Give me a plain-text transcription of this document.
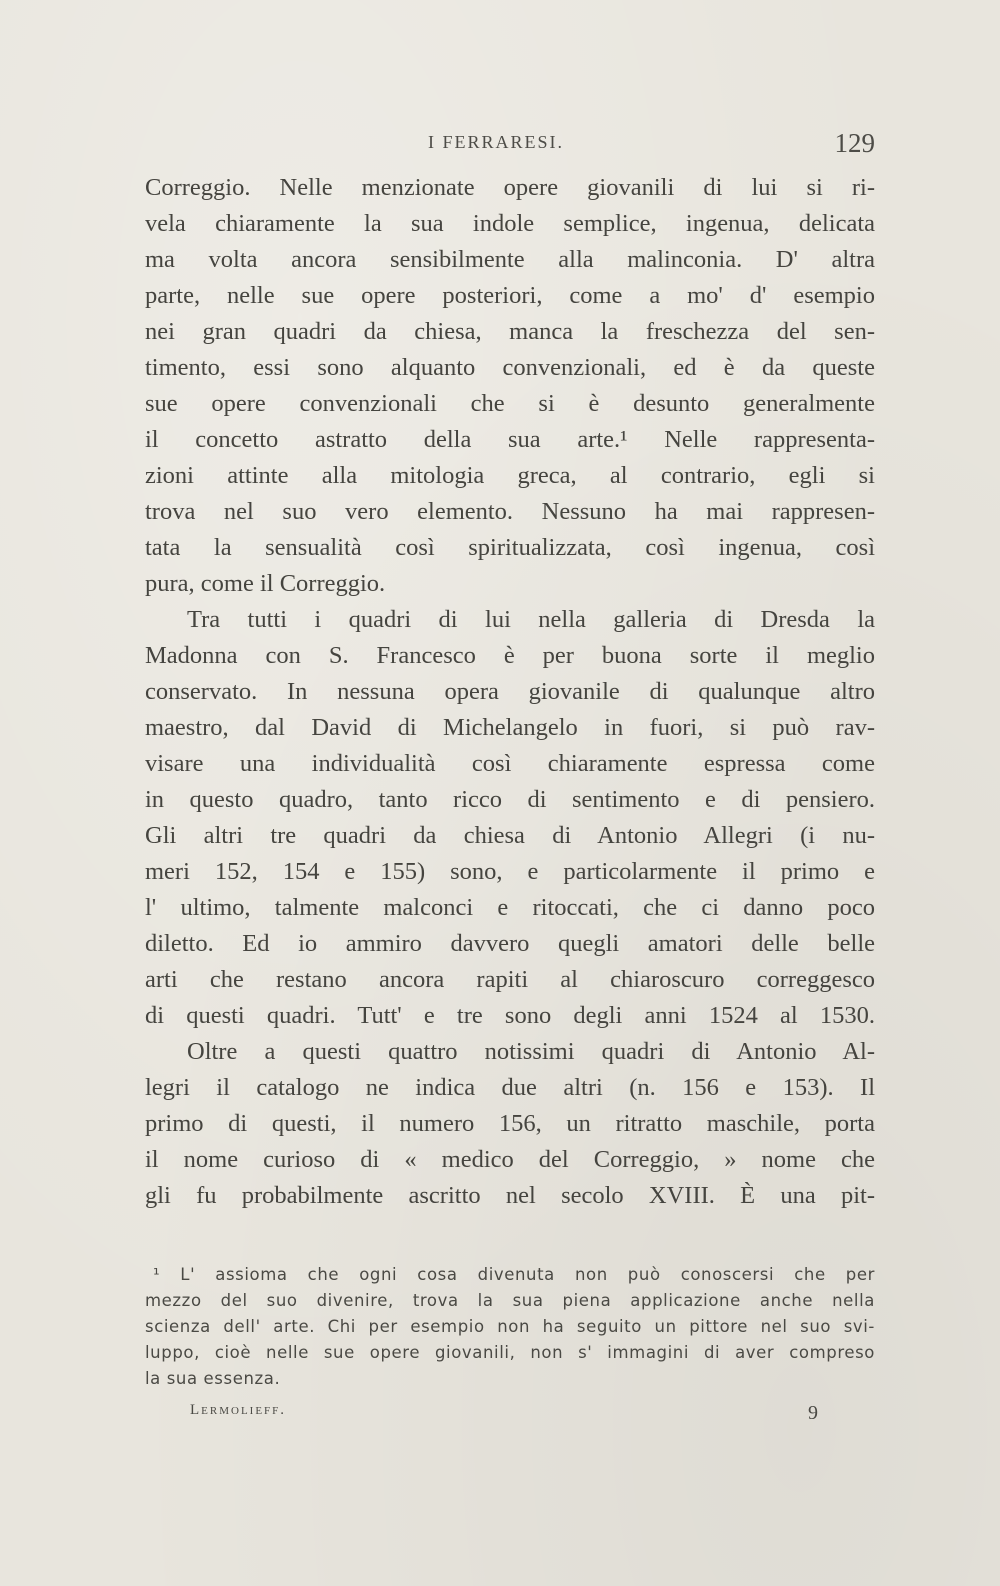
I FERRARESI.	129
Correggio. Nelle menzionate opere giovanili di lui si ri-
vela chiaramente la sua indole semplice, ingenua, delicata
ma volta ancora sensibilmente alla malinconia. D' altra
parte, nelle sue opere posteriori, come a mo' d' esempio
nei gran quadri da chiesa, manca la freschezza del sen-
timento, essi sono alquanto convenzionali, ed è da queste
sue opere convenzionali che si è desunto generalmente
il concetto astratto della sua arte.¹ Nelle rappresenta-
zioni attinte alla mitologia greca, al contrario, egli si
trova nel suo vero elemento. Nessuno ha mai rappresen-
tata la sensualità così spiritualizzata, così ingenua, così
pura, come il Correggio.
Tra tutti i quadri di lui nella galleria di Dresda la
Madonna con S. Francesco è per buona sorte il meglio
conservato. In nessuna opera giovanile di qualunque altro
maestro, dal David di Michelangelo in fuori, si può rav-
visare una individualità così chiaramente espressa come
in questo quadro, tanto ricco di sentimento e di pensiero.
Gli altri tre quadri da chiesa di Antonio Allegri (i nu-
meri 152, 154 e 155) sono, e particolarmente il primo e
l' ultimo, talmente malconci e ritoccati, che ci danno poco
diletto. Ed io ammiro davvero quegli amatori delle belle
arti che restano ancora rapiti al chiaroscuro correggesco
di questi quadri. Tutt' e tre sono degli anni 1524 al 1530.
Oltre a questi quattro notissimi quadri di Antonio Al-
legri il catalogo ne indica due altri (n. 156 e 153). Il
primo di questi, il numero 156, un ritratto maschile, porta
il nome curioso di « medico del Correggio, » nome che
gli fu probabilmente ascritto nel secolo XVIII. È una pit-
¹ L' assioma che ogni cosa divenuta non può conoscersi che per
mezzo del suo divenire, trova la sua piena applicazione anche nella
scienza dell' arte. Chi per esempio non ha seguito un pittore nel suo svi-
luppo, cioè nelle sue opere giovanili, non s' immagini di aver compreso
la sua essenza.
Lermolieff.	9
